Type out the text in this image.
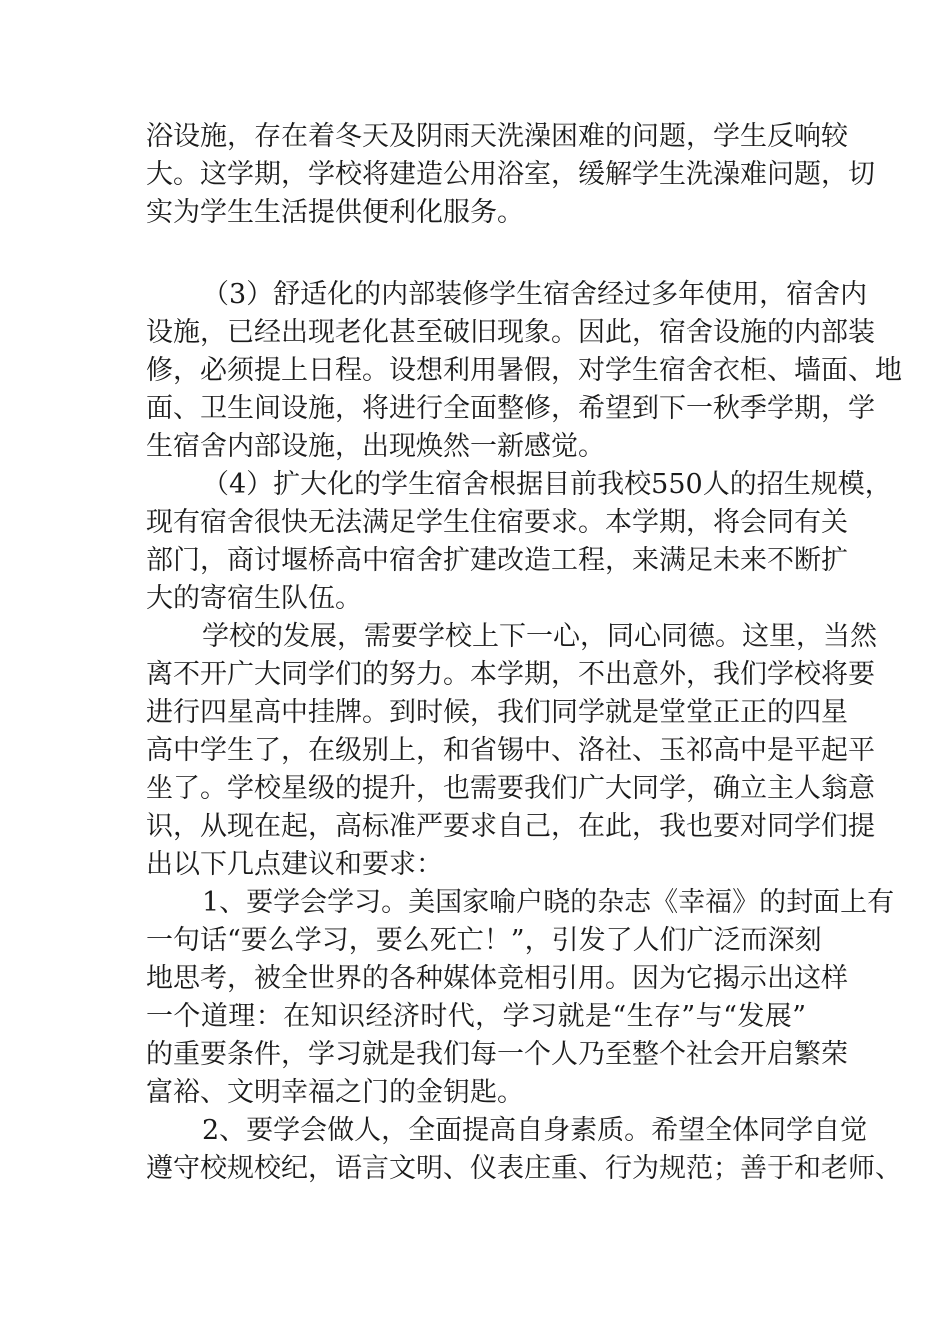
浴设施，存在着冬天及阴雨天洗澡困难的问题，学生反响较
大。这学期，学校将建造公用浴室，缓解学生洗澡难问题，切
实为学生生活提供便利化服务。
（3）舒适化的内部装修学生宿舍经过多年使用，宿舍内
设施，已经出现老化甚至破旧现象。因此，宿舍设施的内部装
修，必须提上日程。设想利用暑假，对学生宿舍衣柜、墙面、地
面、卫生间设施，将进行全面整修，希望到下一秋季学期，学
生宿舍内部设施，出现焕然一新感觉。
（4）扩大化的学生宿舍根据目前我校550人的招生规模，
现有宿舍很快无法满足学生住宿要求。本学期，将会同有关
部门，商讨堰桥高中宿舍扩建改造工程，来满足未来不断扩
大的寄宿生队伍。
学校的发展，需要学校上下一心，同心同德。这里，当然
离不开广大同学们的努力。本学期，不出意外，我们学校将要
进行四星高中挂牌。到时候，我们同学就是堂堂正正的四星
高中学生了，在级别上，和省锡中、洛社、玉祁高中是平起平
坐了。学校星级的提升，也需要我们广大同学，确立主人翁意
识，从现在起，高标准严要求自己，在此，我也要对同学们提
出以下几点建议和要求：
1、要学会学习。美国家喻户晓的杂志《幸福》的封面上有
一句话“要么学习，要么死亡！”，引发了人们广泛而深刻
地思考，被全世界的各种媒体竞相引用。因为它揭示出这样
一个道理：在知识经济时代，学习就是“生存”与“发展”
的重要条件，学习就是我们每一个人乃至整个社会开启繁荣
富裕、文明幸福之门的金钥匙。
2、要学会做人，全面提高自身素质。希望全体同学自觉
遵守校规校纪，语言文明、仪表庄重、行为规范；善于和老师、
